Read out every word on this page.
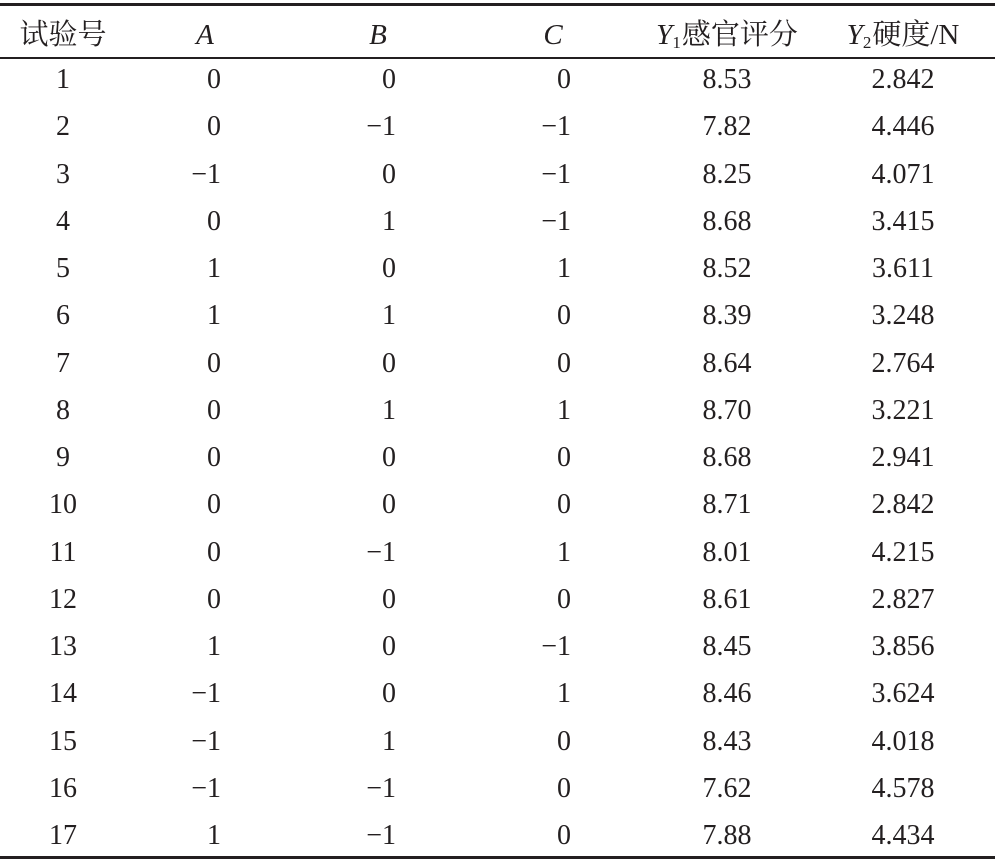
试验号	A	B	C	$Y_1$感官评分	$Y_2$硬度/N
1	0	0	0	8.53	2.842
2	0	−1	−1	7.82	4.446
3	−1	0	−1	8.25	4.071
4	0	1	−1	8.68	3.415
5	1	0	1	8.52	3.611
6	1	1	0	8.39	3.248
7	0	0	0	8.64	2.764
8	0	1	1	8.70	3.221
9	0	0	0	8.68	2.941
10	0	0	0	8.71	2.842
11	0	−1	1	8.01	4.215
12	0	0	0	8.61	2.827
13	1	0	−1	8.45	3.856
14	−1	0	1	8.46	3.624
15	−1	1	0	8.43	4.018
16	−1	−1	0	7.62	4.578
17	1	−1	0	7.88	4.434
